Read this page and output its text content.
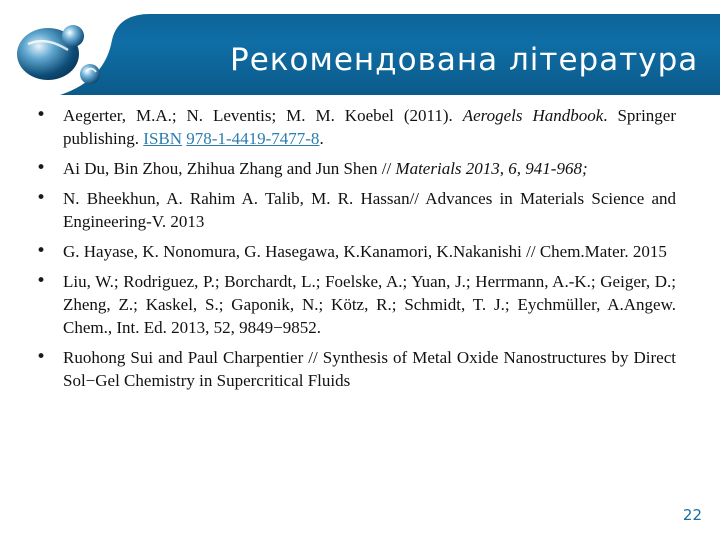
Рекомендована література
• Aegerter, M.A.; N. Leventis; M. M. Koebel (2011). Aerogels Handbook. Springer publishing. ISBN 978-1-4419-7477-8.
• Ai Du, Bin Zhou, Zhihua Zhang and Jun Shen // Materials 2013, 6, 941-968;
• N. Bheekhun, A. Rahim A. Talib, M. R. Hassan// Advances in Materials Science and Engineering-V. 2013
• G. Hayase, K. Nonomura, G. Hasegawa, K.Kanamori, K.Nakanishi // Chem.Mater. 2015
• Liu, W.; Rodriguez, P.; Borchardt, L.; Foelske, A.; Yuan, J.; Herrmann, A.-K.; Geiger, D.; Zheng, Z.; Kaskel, S.; Gaponik, N.; Kötz, R.; Schmidt, T. J.; Eychmüller, A.Angew. Chem., Int. Ed. 2013, 52, 9849−9852.
• Ruohong Sui and Paul Charpentier // Synthesis of Metal Oxide Nanostructures by Direct Sol−Gel Chemistry in Supercritical Fluids
22
